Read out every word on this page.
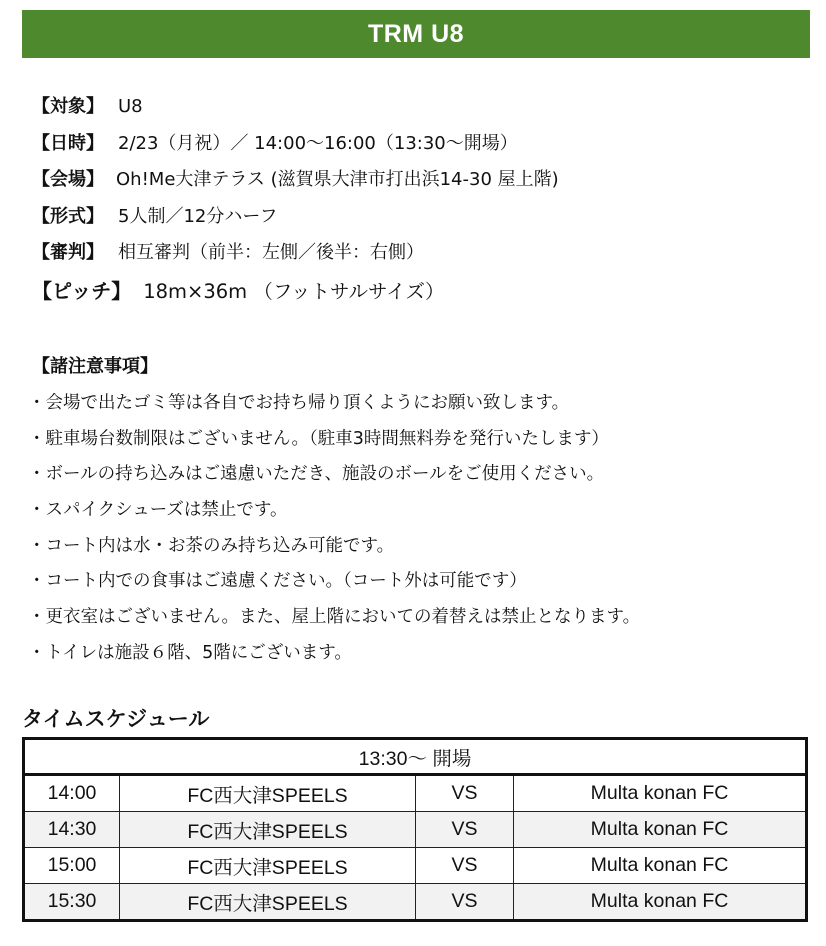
TRM U8
【対象】 U8
【日時】 2/23（月祝）／ 14:00〜16:00（13:30〜開場）
【会場】 Oh!Me大津テラス (滋賀県大津市打出浜14-30 屋上階)
【形式】 5人制／12分ハーフ
【審判】 相互審判（前半：左側／後半：右側）
【ピッチ】 18m×36m （フットサルサイズ）
【諸注意事項】
・ 会場で出たゴミ等は各自でお持ち帰り頂くようにお願い致します。
・ 駐車場台数制限はございません。（駐車3時間無料券を発行いたします）
・ ボールの持ち込みはご遠慮いただき、施設のボールをご使用ください。
・ スパイクシューズは禁止です。
・ コート内は水・お茶のみ持ち込み可能です。
・ コート内での食事はご遠慮ください。（コート外は可能です）
・ 更衣室はございません。また、屋上階においての着替えは禁止となります。
・ トイレは施設６階、5階にございます。
タイムスケジュール
13:30〜 開場			
14:00	FC西大津SPEELS	VS	Multa konan FC
14:30	FC西大津SPEELS	VS	Multa konan FC
15:00	FC西大津SPEELS	VS	Multa konan FC
15:30	FC西大津SPEELS	VS	Multa konan FC
